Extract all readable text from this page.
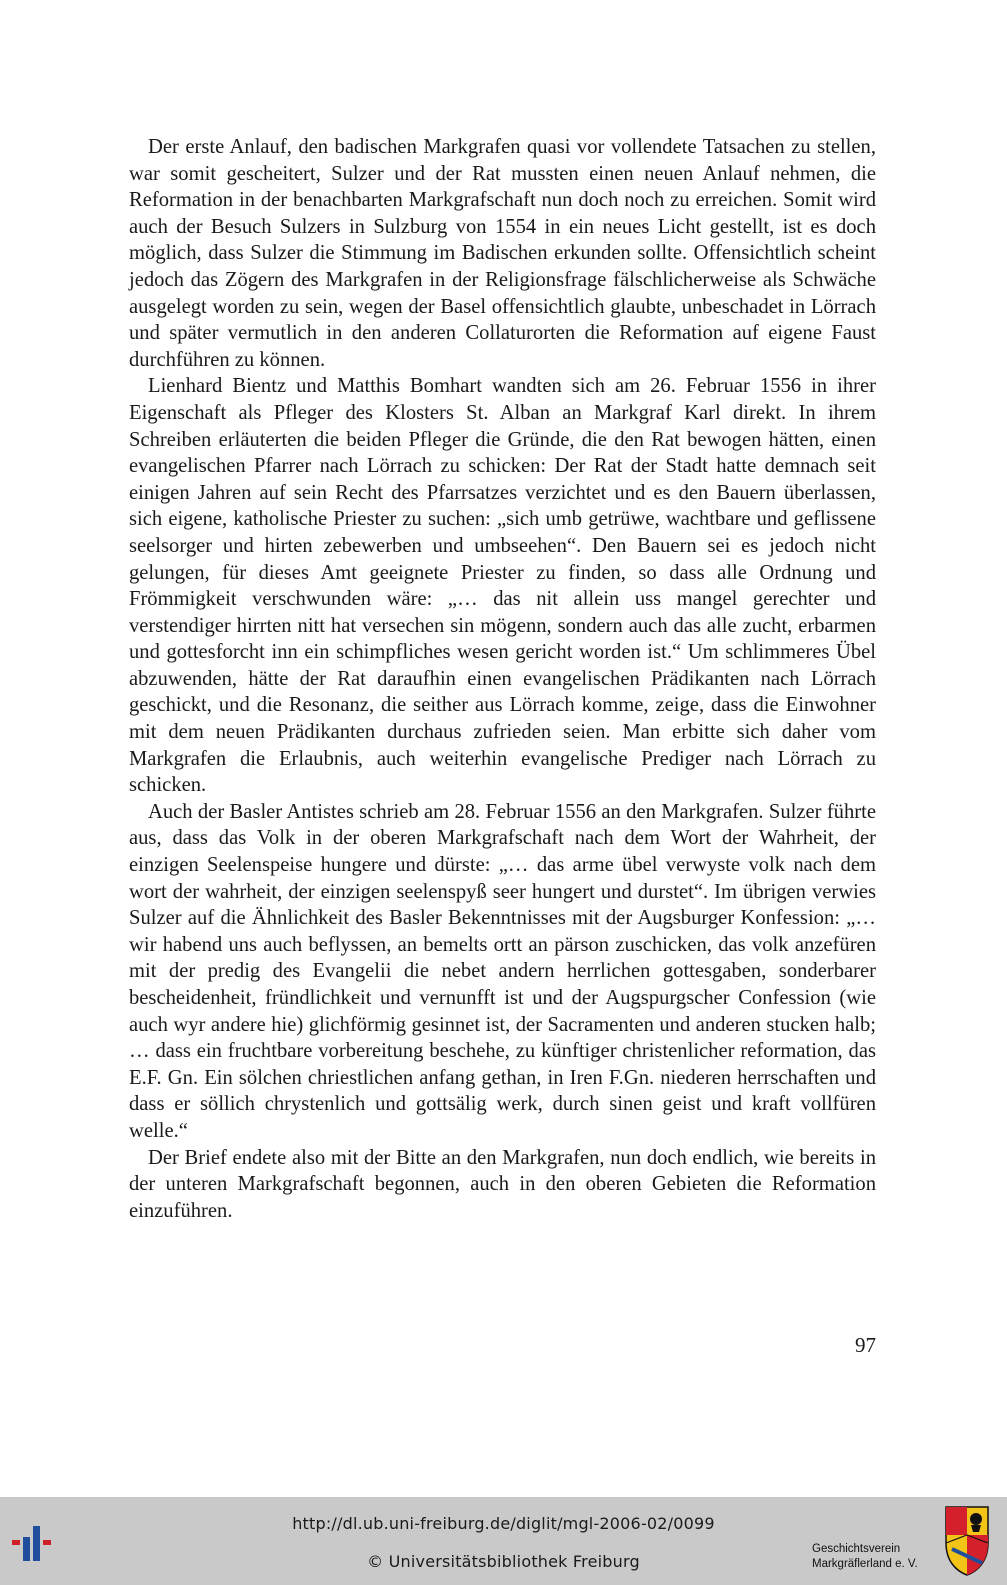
Der erste Anlauf, den badischen Markgrafen quasi vor vollendete Tatsachen zu stellen, war somit gescheitert, Sulzer und der Rat mussten einen neuen Anlauf nehmen, die Reformation in der benachbarten Markgrafschaft nun doch noch zu erreichen. Somit wird auch der Besuch Sulzers in Sulzburg von 1554 in ein neues Licht gestellt, ist es doch möglich, dass Sulzer die Stimmung im Badischen erkunden sollte. Offensichtlich scheint jedoch das Zögern des Markgrafen in der Religionsfrage fälschlicherweise als Schwäche ausgelegt worden zu sein, wegen der Basel offensichtlich glaubte, unbeschadet in Lörrach und später vermutlich in den anderen Collaturorten die Reformation auf eigene Faust durchführen zu können.

Lienhard Bientz und Matthis Bomhart wandten sich am 26. Februar 1556 in ihrer Eigenschaft als Pfleger des Klosters St. Alban an Markgraf Karl direkt. In ihrem Schreiben erläuterten die beiden Pfleger die Gründe, die den Rat bewogen hätten, einen evangelischen Pfarrer nach Lörrach zu schicken: Der Rat der Stadt hatte demnach seit einigen Jahren auf sein Recht des Pfarrsatzes verzichtet und es den Bauern überlassen, sich eigene, katholische Priester zu suchen: „sich umb getrüwe, wachtbare und geflissene seelsorger und hirten zebewerben und umbseehen“. Den Bauern sei es jedoch nicht gelungen, für dieses Amt geeignete Priester zu finden, so dass alle Ordnung und Frömmigkeit verschwunden wäre: „… das nit allein uss mangel gerechter und verstendiger hirrten nitt hat versechen sin mögenn, sondern auch das alle zucht, erbarmen und gottesforcht inn ein schimpfliches wesen gericht worden ist.“ Um schlimmeres Übel abzuwenden, hätte der Rat daraufhin einen evangelischen Prädikanten nach Lörrach geschickt, und die Resonanz, die seither aus Lörrach komme, zeige, dass die Einwohner mit dem neuen Prädikanten durchaus zufrieden seien. Man erbitte sich daher vom Markgrafen die Erlaubnis, auch weiterhin evangelische Prediger nach Lörrach zu schicken.

Auch der Basler Antistes schrieb am 28. Februar 1556 an den Markgrafen. Sulzer führte aus, dass das Volk in der oberen Markgrafschaft nach dem Wort der Wahrheit, der einzigen Seelenspeise hungere und dürste: „… das arme übel verwyste volk nach dem wort der wahrheit, der einzigen seelenspyß seer hungert und durstet“. Im übrigen verwies Sulzer auf die Ähnlichkeit des Basler Bekenntnisses mit der Augsburger Konfession: „… wir habend uns auch beflyssen, an bemelts ortt an pärson zuschicken, das volk anzefüren mit der predig des Evangelii die nebet andern herrlichen gottesgaben, sonderbarer bescheidenheit, fründlichkeit und vernunfft ist und der Augspurgscher Confession (wie auch wyr andere hie) glichförmig gesinnet ist, der Sacramenten und anderen stucken halb; … dass ein fruchtbare vorbereitung beschehe, zu künftiger christenlicher reformation, das E.F. Gn. Ein sölchen chriestlichen anfang gethan, in Iren F.Gn. niederen herrschaften und dass er söllich chrystenlich und gottsälig werk, durch sinen geist und kraft vollfüren welle.“

Der Brief endete also mit der Bitte an den Markgrafen, nun doch endlich, wie bereits in der unteren Markgrafschaft begonnen, auch in den oberen Gebieten die Reformation einzuführen.

97
http://dl.ub.uni-freiburg.de/diglit/mgl-2006-02/0099
© Universitätsbibliothek Freiburg
Geschichtsverein
Markgräflerland e. V.
